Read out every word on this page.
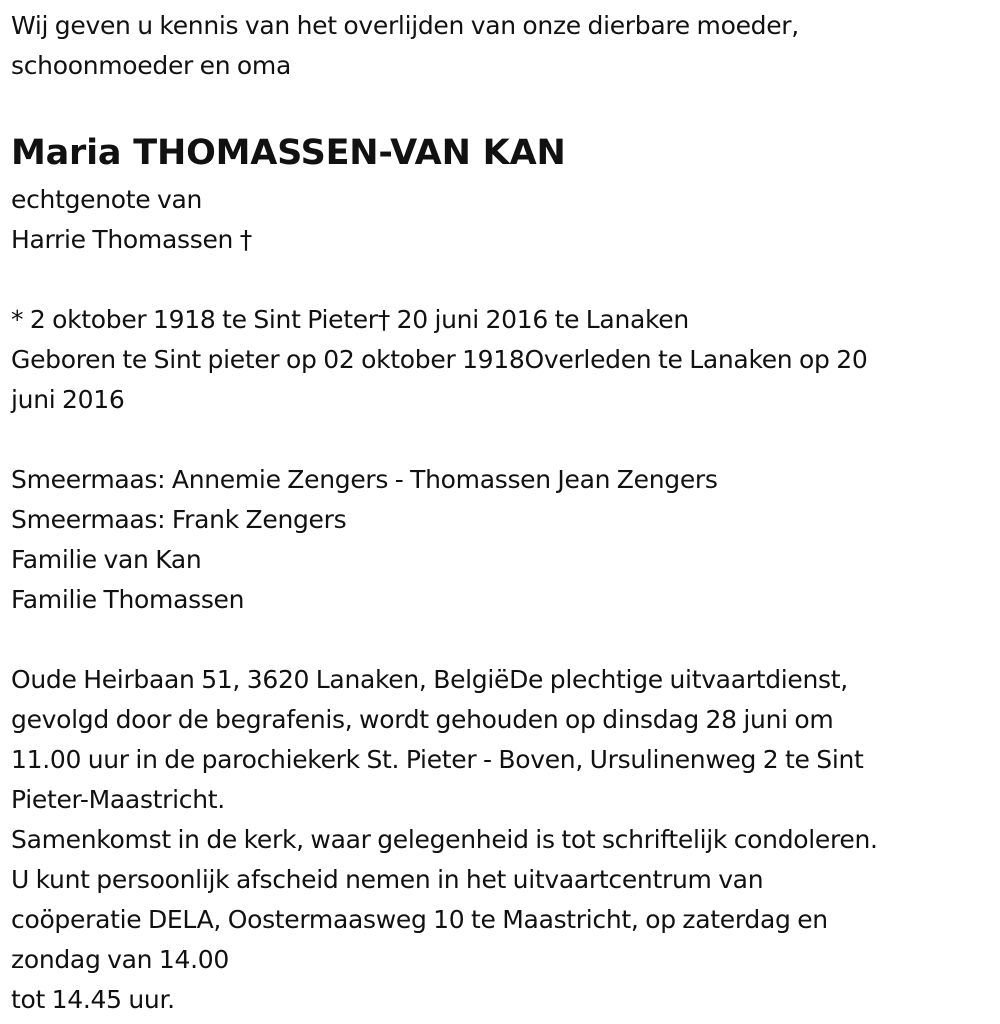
Wij geven u kennis van het overlijden van onze dierbare moeder,
schoonmoeder en oma
Maria THOMASSEN-VAN KAN
echtgenote van
Harrie Thomassen †
* 2 oktober 1918 te Sint Pieter† 20 juni 2016 te Lanaken
Geboren te Sint pieter op 02 oktober 1918Overleden te Lanaken op 20
juni 2016
Smeermaas: Annemie Zengers - Thomassen Jean Zengers
Smeermaas: Frank Zengers
Familie van Kan
Familie Thomassen
Oude Heirbaan 51, 3620 Lanaken, BelgiëDe plechtige uitvaartdienst,
gevolgd door de begrafenis, wordt gehouden op dinsdag 28 juni om
11.00 uur in de parochiekerk St. Pieter - Boven, Ursulinenweg 2 te Sint
Pieter-Maastricht.
Samenkomst in de kerk, waar gelegenheid is tot schriftelijk condoleren.
U kunt persoonlijk afscheid nemen in het uitvaartcentrum van
coöperatie DELA, Oostermaasweg 10 te Maastricht, op zaterdag en
zondag van 14.00
tot 14.45 uur.
